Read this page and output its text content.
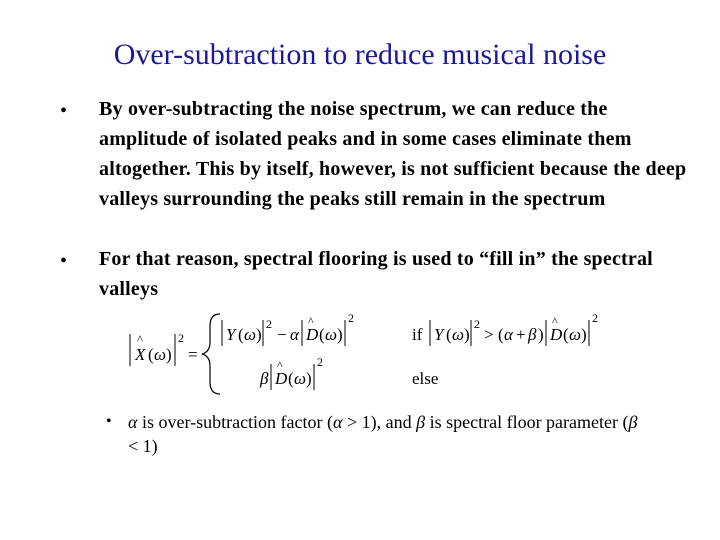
Over-subtraction to reduce musical noise
• By over-subtracting the noise spectrum, we can reduce the amplitude of isolated peaks and in some cases eliminate them altogether. This by itself, however, is not sufficient because the deep valleys surrounding the peaks still remain in the spectrum
• For that reason, spectral flooring is used to “fill in” the spectral valleys
X
^
( ω )
2
=
Y ( ω )
2
− α D
^
( ω )
2
if Y ( ω )
2
> ( α + β ) D
^
( ω )
2
β D
^
( ω )
2
else
• α is over-subtraction factor (α > 1), and β is spectral floor parameter (β < 1)
